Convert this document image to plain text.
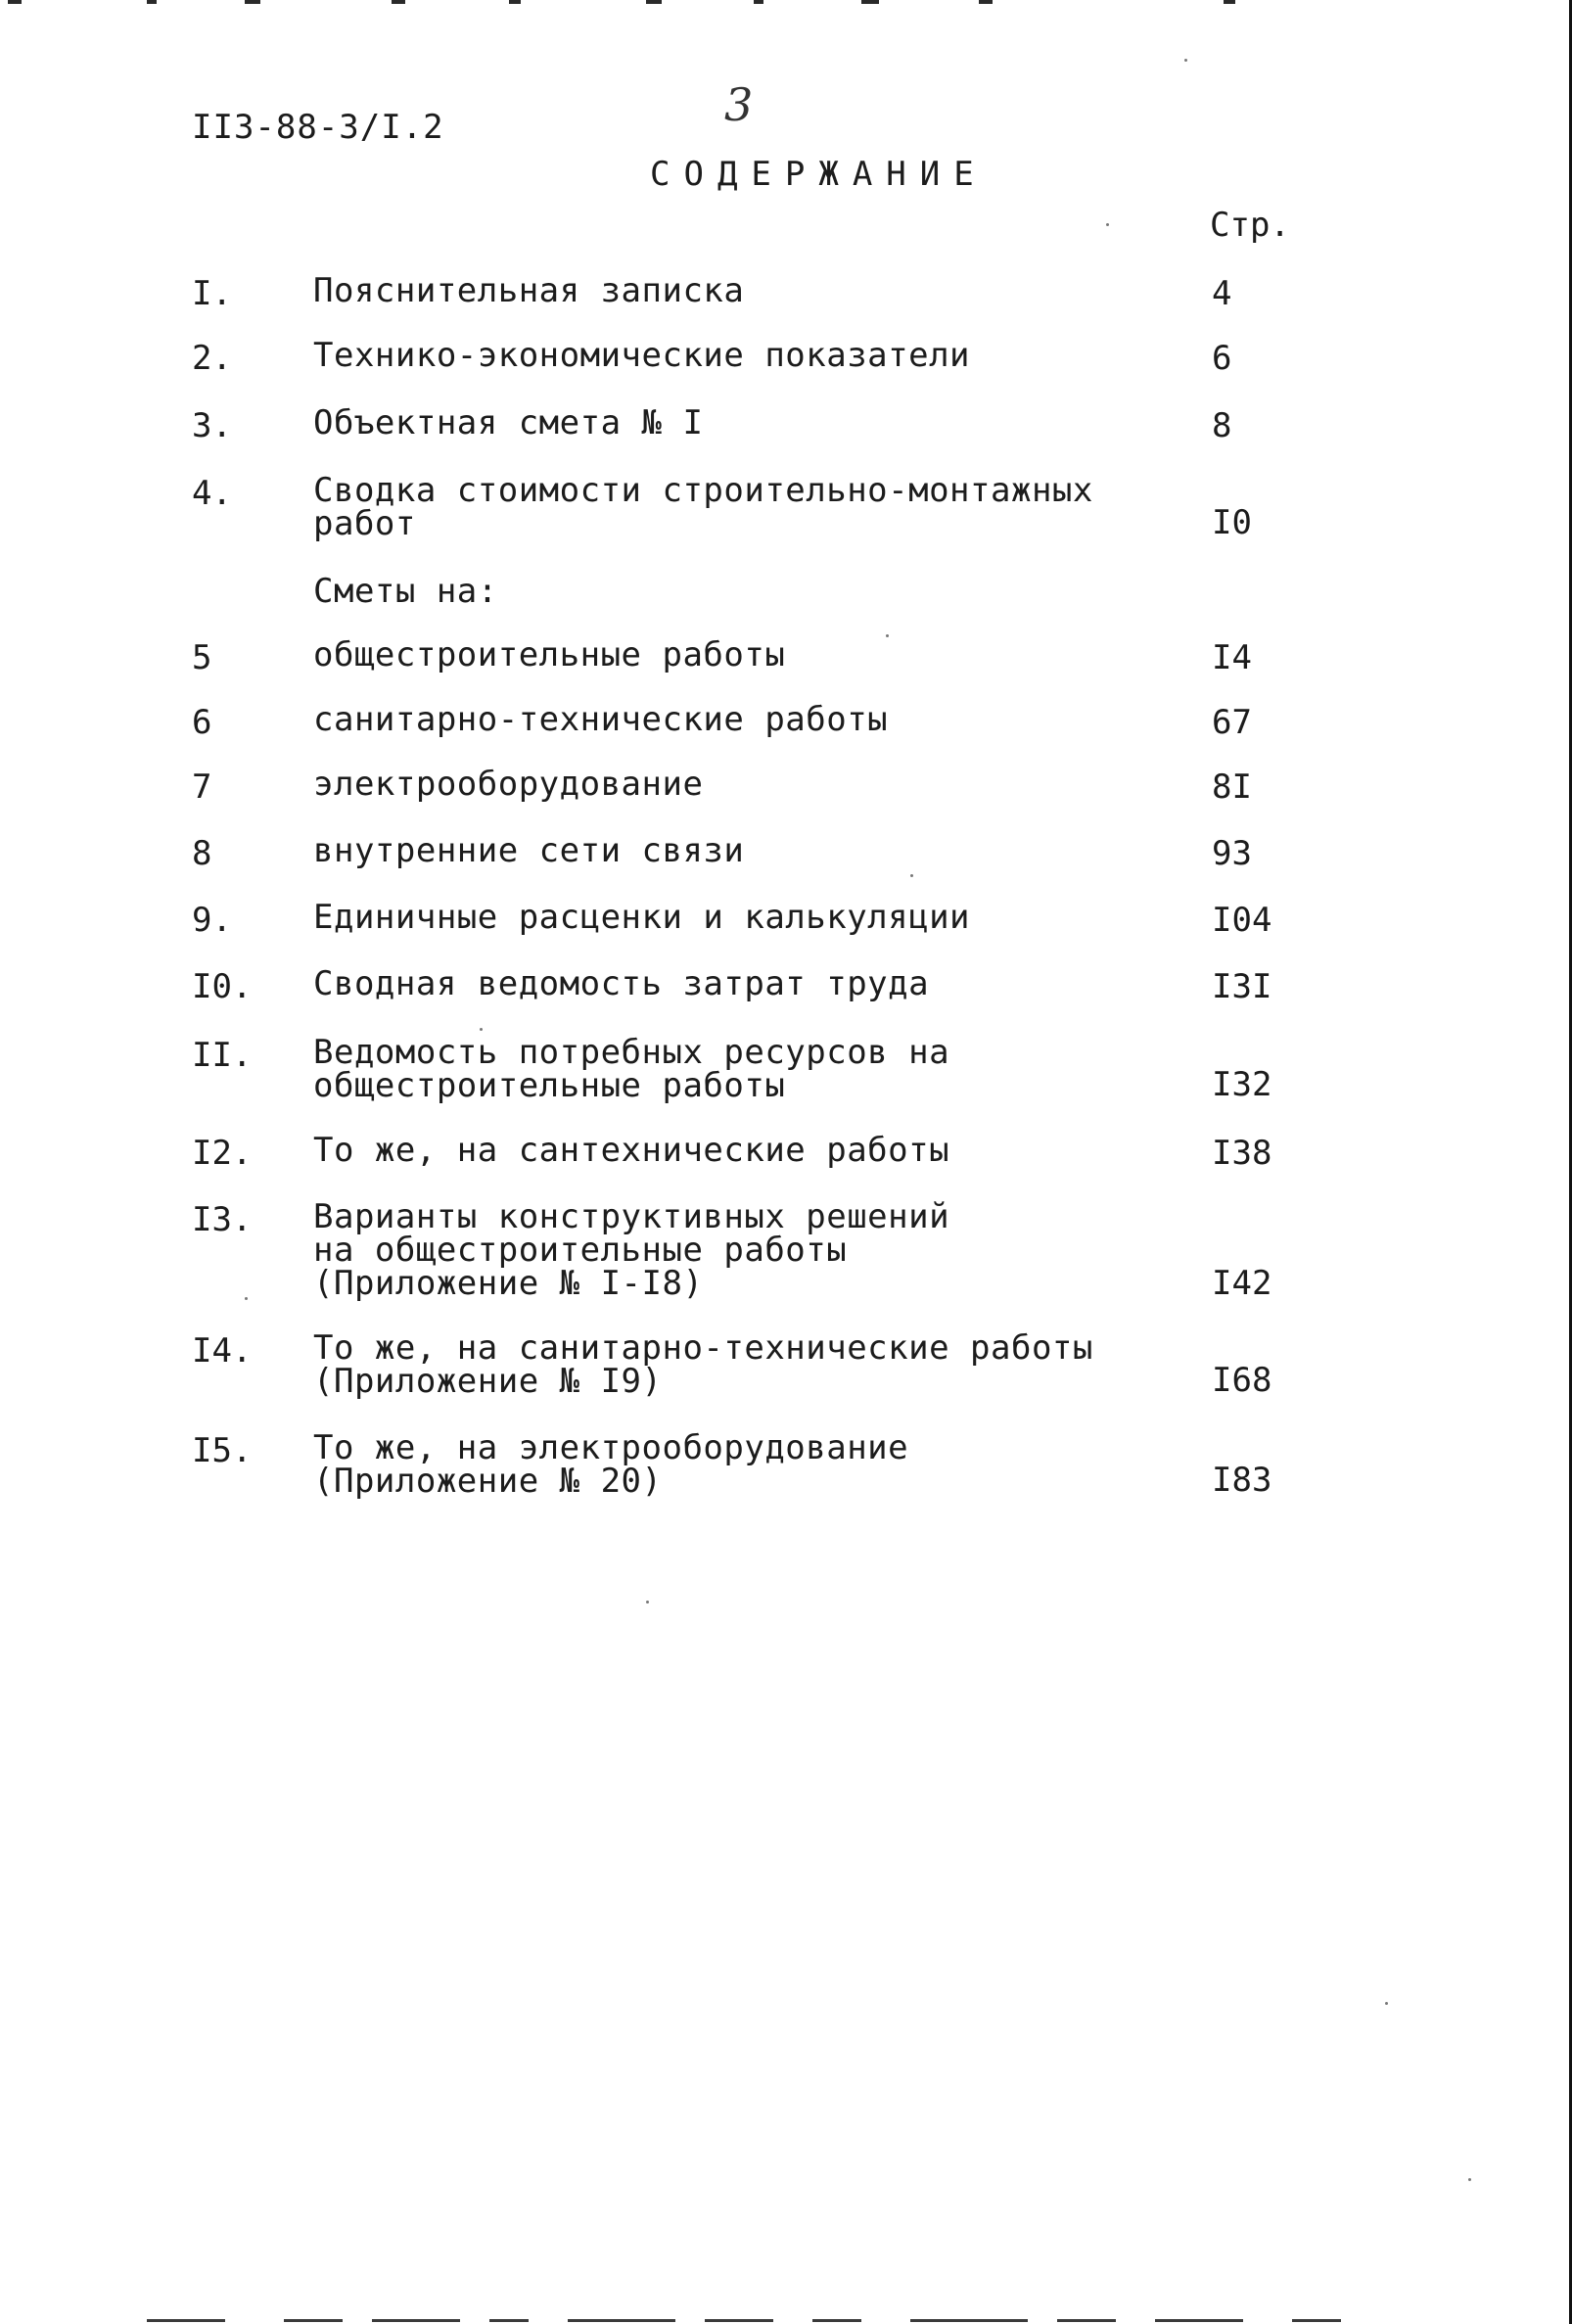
II3-88-3/I.2	3
СОДЕРЖАНИЕ
Стр.
I. Пояснительная записка	4
2. Технико-экономические показатели	6
3. Объектная смета № I	8
4. Сводка стоимости строительно-монтажных работ	I0
Сметы на:
5	общестроительные работы	I4
6	санитарно-технические работы	67
7	электрооборудование	8I
8	внутренние сети связи	93
9. Единичные расценки и калькуляции	I04
I0. Сводная ведомость затрат труда	I3I
II. Ведомость потребных ресурсов на общестроительные работы	I32
I2. То же, на сантехнические работы	I38
I3. Варианты конструктивных решений на общестроительные работы (Приложение № I-I8)	I42
I4. То же, на санитарно-технические работы (Приложение № I9)	I68
I5. То же, на электрооборудование (Приложение № 20)	I83
